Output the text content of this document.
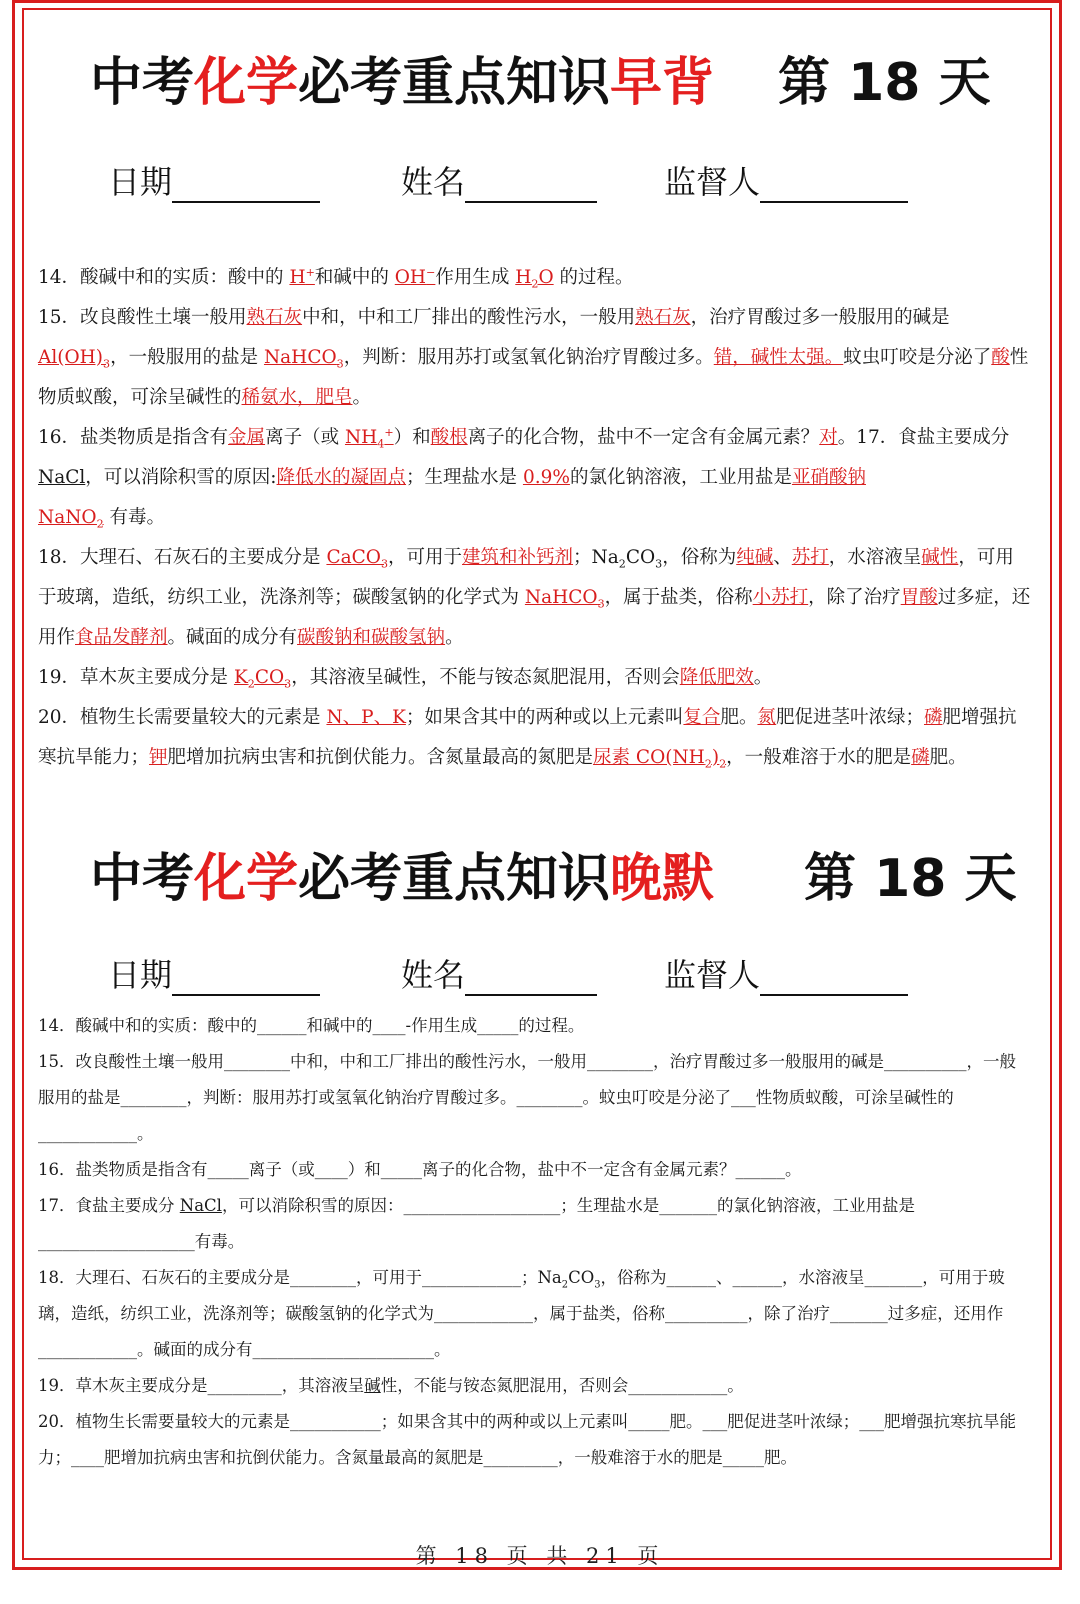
中考化学必考重点知识早背 第 18 天
日期	姓名	监督人

14．酸碱中和的实质：酸中的 H+和碱中的 OH−作用生成 $H_2O$ 的过程。

15．改良酸性土壤一般用熟石灰中和，中和工厂排出的酸性污水，一般用熟石灰，治疗胃酸过多一般服用的碱是 $Al(OH)_3$，一般服用的盐是 NaHCO$_3$，判断：服用苏打或氢氧化钠治疗胃酸过多。错，碱性太强。蚊虫叮咬是分泌了酸性物质蚁酸，可涂呈碱性的稀氨水，肥皂。

16．盐类物质是指含有金属离子（或 $NH_4^+$）和酸根离子的化合物，盐中不一定含有金属元素？对。17．食盐主要成分 NaCl，可以消除积雪的原因:降低水的凝固点；生理盐水是 0.9%的氯化钠溶液，工业用盐是亚硝酸钠
NaNO$_2$ 有毒。

18．大理石、石灰石的主要成分是 CaCO$_3$，可用于建筑和补钙剂；$Na_2CO_3$，俗称为纯碱、苏打，水溶液呈碱性，可用于玻璃，造纸，纺织工业，洗涤剂等；碳酸氢钠的化学式为 NaHCO$_3$，属于盐类，俗称小苏打，除了治疗胃酸过多症，还用作食品发酵剂。碱面的成分有碳酸钠和碳酸氢钠。

19．草木灰主要成分是 $K_2CO_3$，其溶液呈碱性，不能与铵态氮肥混用，否则会降低肥效。

20．植物生长需要量较大的元素是 N、P、K；如果含其中的两种或以上元素叫复合肥。氮肥促进茎叶浓绿；磷肥增强抗寒抗旱能力；钾肥增加抗病虫害和抗倒伏能力。含氮量最高的氮肥是尿素 $CO(NH_2)_2$，一般难溶于水的肥是磷肥。

中考化学必考重点知识晚默 第 18 天
日期	姓名	监督人

14．酸碱中和的实质：酸中的______和碱中的____-作用生成_____的过程。

15．改良酸性土壤一般用________中和，中和工厂排出的酸性污水，一般用________，治疗胃酸过多一般服用的碱是__________，一般服用的盐是________，判断：服用苏打或氢氧化钠治疗胃酸过多。________。蚊虫叮咬是分泌了___性物质蚁酸，可涂呈碱性的____________。

16．盐类物质是指含有_____离子（或____）和_____离子的化合物，盐中不一定含有金属元素？______。

17．食盐主要成分 NaCl，可以消除积雪的原因：___________________；生理盐水是_______的氯化钠溶液，工业用盐是___________________有毒。

18．大理石、石灰石的主要成分是________，可用于____________；$Na_2CO_3$，俗称为______、______，水溶液呈_______，可用于玻璃，造纸，纺织工业，洗涤剂等；碳酸氢钠的化学式为____________，属于盐类，俗称__________，除了治疗_______过多症，还用作____________。碱面的成分有______________________。

19．草木灰主要成分是_________，其溶液呈碱性，不能与铵态氮肥混用，否则会____________。

20．植物生长需要量较大的元素是___________；如果含其中的两种或以上元素叫_____肥。___肥促进茎叶浓绿；___肥增强抗寒抗旱能力；____肥增加抗病虫害和抗倒伏能力。含氮量最高的氮肥是_________，一般难溶于水的肥是_____肥。

第 18 页 共 21 页
